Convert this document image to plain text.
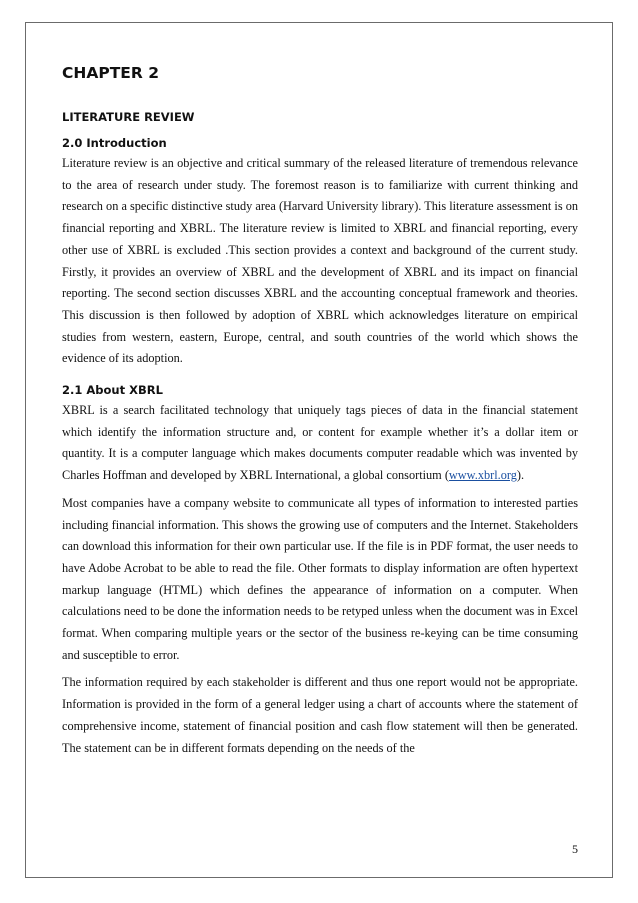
CHAPTER 2
LITERATURE REVIEW
2.0 Introduction

Literature review is an objective and critical summary of the released literature of tremendous relevance to the area of research under study. The foremost reason is to familiarize with current thinking and research on a specific distinctive study area (Harvard University library). This literature assessment is on financial reporting and XBRL. The literature review is limited to XBRL and financial reporting, every other use of XBRL is excluded .This section provides a context and background of the current study. Firstly, it provides an overview of XBRL and the development of XBRL and its impact on financial reporting. The second section discusses XBRL and the accounting conceptual framework and theories. This discussion is then followed by adoption of XBRL which acknowledges literature on empirical studies from western, eastern, Europe, central, and south countries of the world which shows the evidence of its adoption.

2.1 About XBRL

XBRL is a search facilitated technology that uniquely tags pieces of data in the financial statement which identify the information structure and, or content for example whether it’s a dollar item or quantity. It is a computer language which makes documents computer readable which was invented by Charles Hoffman and developed by XBRL International, a global consortium (www.xbrl.org).

Most companies have a company website to communicate all types of information to interested parties including financial information. This shows the growing use of computers and the Internet. Stakeholders can download this information for their own particular use. If the file is in PDF format, the user needs to have Adobe Acrobat to be able to read the file. Other formats to display information are often hypertext markup language (HTML) which defines the appearance of information on a computer. When calculations need to be done the information needs to be retyped unless when the document was in Excel format. When comparing multiple years or the sector of the business re-keying can be time consuming and susceptible to error.

The information required by each stakeholder is different and thus one report would not be appropriate. Information is provided in the form of a general ledger using a chart of accounts where the statement of comprehensive income, statement of financial position and cash flow statement will then be generated. The statement can be in different formats depending on the needs of the

5
